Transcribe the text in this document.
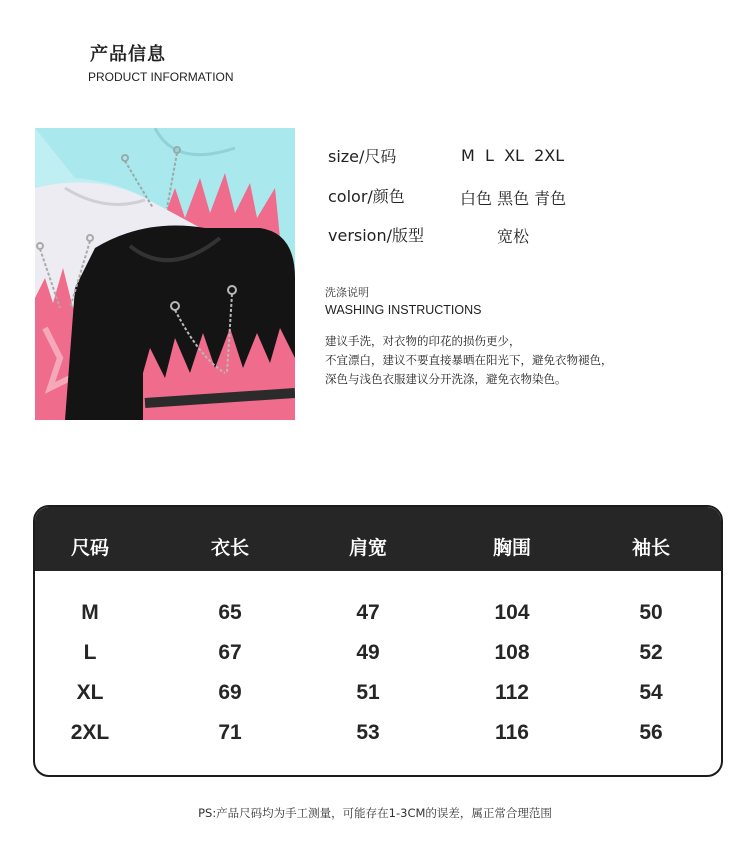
产品信息
PRODUCT INFORMATION
size/尺码	M  L  XL  2XL
color/颜色	白色 黑色 青色
version/版型	宽松
洗涤说明
WASHING INSTRUCTIONS
建议手洗，对衣物的印花的损伤更少，
不宜漂白，建议不要直接暴晒在阳光下，避免衣物褪色，
深色与浅色衣服建议分开洗涤，避免衣物染色。
尺码	衣长	肩宽	胸围	袖长
M	65	47	104	50
L	67	49	108	52
XL	69	51	112	54
2XL	71	53	116	56
PS:产品尺码均为手工测量，可能存在1-3CM的误差，属正常合理范围
